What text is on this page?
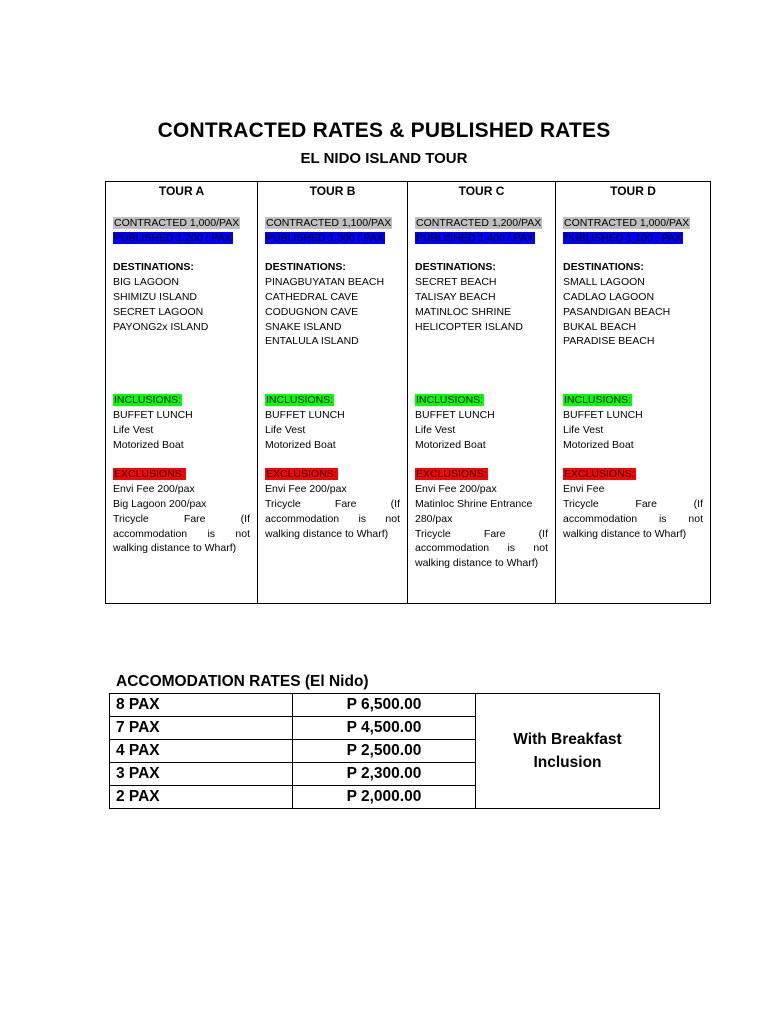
CONTRACTED RATES & PUBLISHED RATES
EL NIDO ISLAND TOUR
TOUR A
CONTRACTED 1,000/PAX
PUBLISHED 1,200 / PAX
DESTINATIONS:
BIG LAGOON
SHIMIZU ISLAND
SECRET LAGOON
PAYONG2x ISLAND
INCLUSIONS:
BUFFET LUNCH
Life Vest
Motorized Boat
EXCLUSIONS:
Envi Fee 200/pax
Big Lagoon 200/pax
Tricycle Fare (If accommodation is not walking distance to Wharf)

TOUR B
CONTRACTED 1,100/PAX
PUBLISHED 1,300 / PAX
DESTINATIONS:
PINAGBUYATAN BEACH
CATHEDRAL CAVE
CODUGNON CAVE
SNAKE ISLAND
ENTALULA ISLAND
INCLUSIONS:
BUFFET LUNCH
Life Vest
Motorized Boat
EXCLUSIONS:
Envi Fee 200/pax
Tricycle Fare (If accommodation is not walking distance to Wharf)

TOUR C
CONTRACTED 1,200/PAX
PUBLISHED 1,400 / PAX
DESTINATIONS:
SECRET BEACH
TALISAY BEACH
MATINLOC SHRINE
HELICOPTER ISLAND
INCLUSIONS:
BUFFET LUNCH
Life Vest
Motorized Boat
EXCLUSIONS:
Envi Fee 200/pax
Matinloc Shrine Entrance 280/pax
Tricycle Fare (If accommodation is not walking distance to Wharf)

TOUR D
CONTRACTED 1,000/PAX
PUBLISHED 1,100 / PAX
DESTINATIONS:
SMALL LAGOON
CADLAO LAGOON
PASANDIGAN BEACH
BUKAL BEACH
PARADISE BEACH
INCLUSIONS:
BUFFET LUNCH
Life Vest
Motorized Boat
EXCLUSIONS:
Envi Fee
Tricycle Fare (If accommodation is not walking distance to Wharf)
ACCOMODATION RATES (El Nido)
8 PAX	P 6,500.00	With Breakfast Inclusion
7 PAX	P 4,500.00	
4 PAX	P 2,500.00	
3 PAX	P 2,300.00	
2 PAX	P 2,000.00	
